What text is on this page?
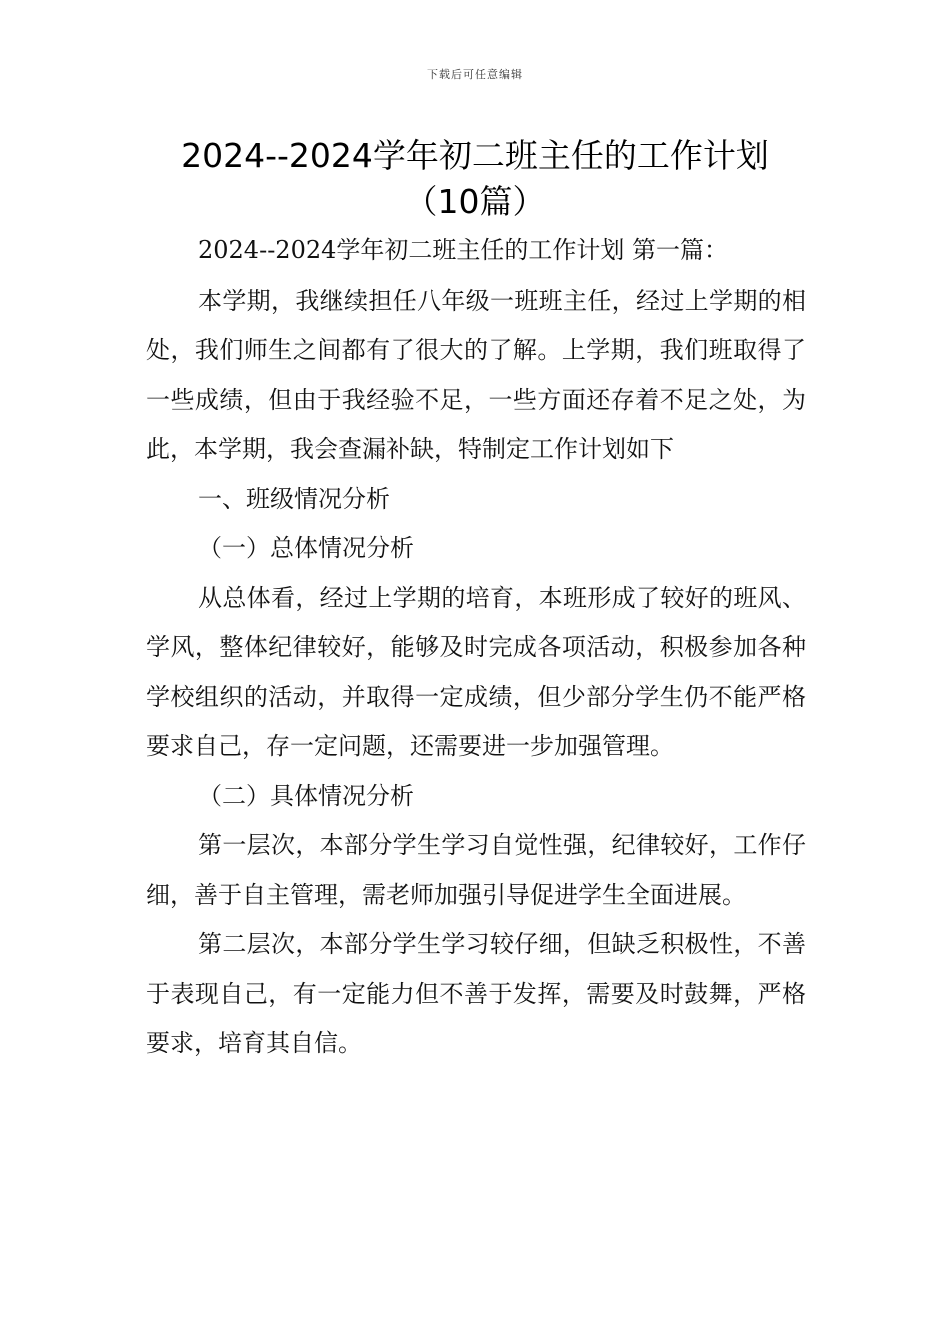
下载后可任意编辑
2024--2024学年初二班主任的工作计划
（10篇）

2024--2024学年初二班主任的工作计划 第一篇：

本学期，我继续担任八年级一班班主任，经过上学期的相处，我们师生之间都有了很大的了解。上学期，我们班取得了一些成绩，但由于我经验不足，一些方面还存着不足之处，为此，本学期，我会查漏补缺，特制定工作计划如下

一、班级情况分析

（一）总体情况分析

从总体看，经过上学期的培育，本班形成了较好的班风、学风，整体纪律较好，能够及时完成各项活动，积极参加各种学校组织的活动，并取得一定成绩，但少部分学生仍不能严格要求自己，存一定问题，还需要进一步加强管理。

（二）具体情况分析

第一层次，本部分学生学习自觉性强，纪律较好，工作仔细，善于自主管理，需老师加强引导促进学生全面进展。

第二层次，本部分学生学习较仔细，但缺乏积极性，不善于表现自己，有一定能力但不善于发挥，需要及时鼓舞，严格要求，培育其自信。
